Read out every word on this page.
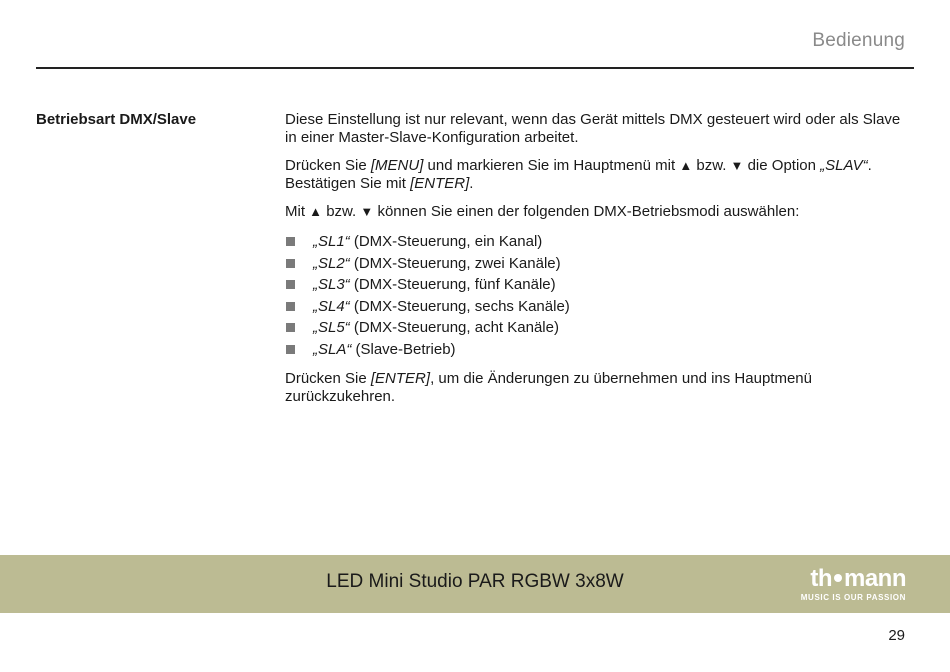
Bedienung
Betriebsart DMX/Slave	Diese Einstellung ist nur relevant, wenn das Gerät mittels DMX gesteuert wird oder als Slave in einer Master-Slave-Konfiguration arbeitet.

Drücken Sie [MENU] und markieren Sie im Hauptmenü mit ▲ bzw. ▼ die Option „SLAV“. Bestätigen Sie mit [ENTER].

Mit ▲ bzw. ▼ können Sie einen der folgenden DMX-Betriebsmodi auswählen:

„SL1“ (DMX-Steuerung, ein Kanal)
„SL2“ (DMX-Steuerung, zwei Kanäle)
„SL3“ (DMX-Steuerung, fünf Kanäle)
„SL4“ (DMX-Steuerung, sechs Kanäle)
„SL5“ (DMX-Steuerung, acht Kanäle)
„SLA“ (Slave-Betrieb)

Drücken Sie [ENTER], um die Änderungen zu übernehmen und ins Hauptmenü zurückzukehren.

LED Mini Studio PAR RGBW 3x8W	th mann
MUSIC IS OUR PASSION
29
